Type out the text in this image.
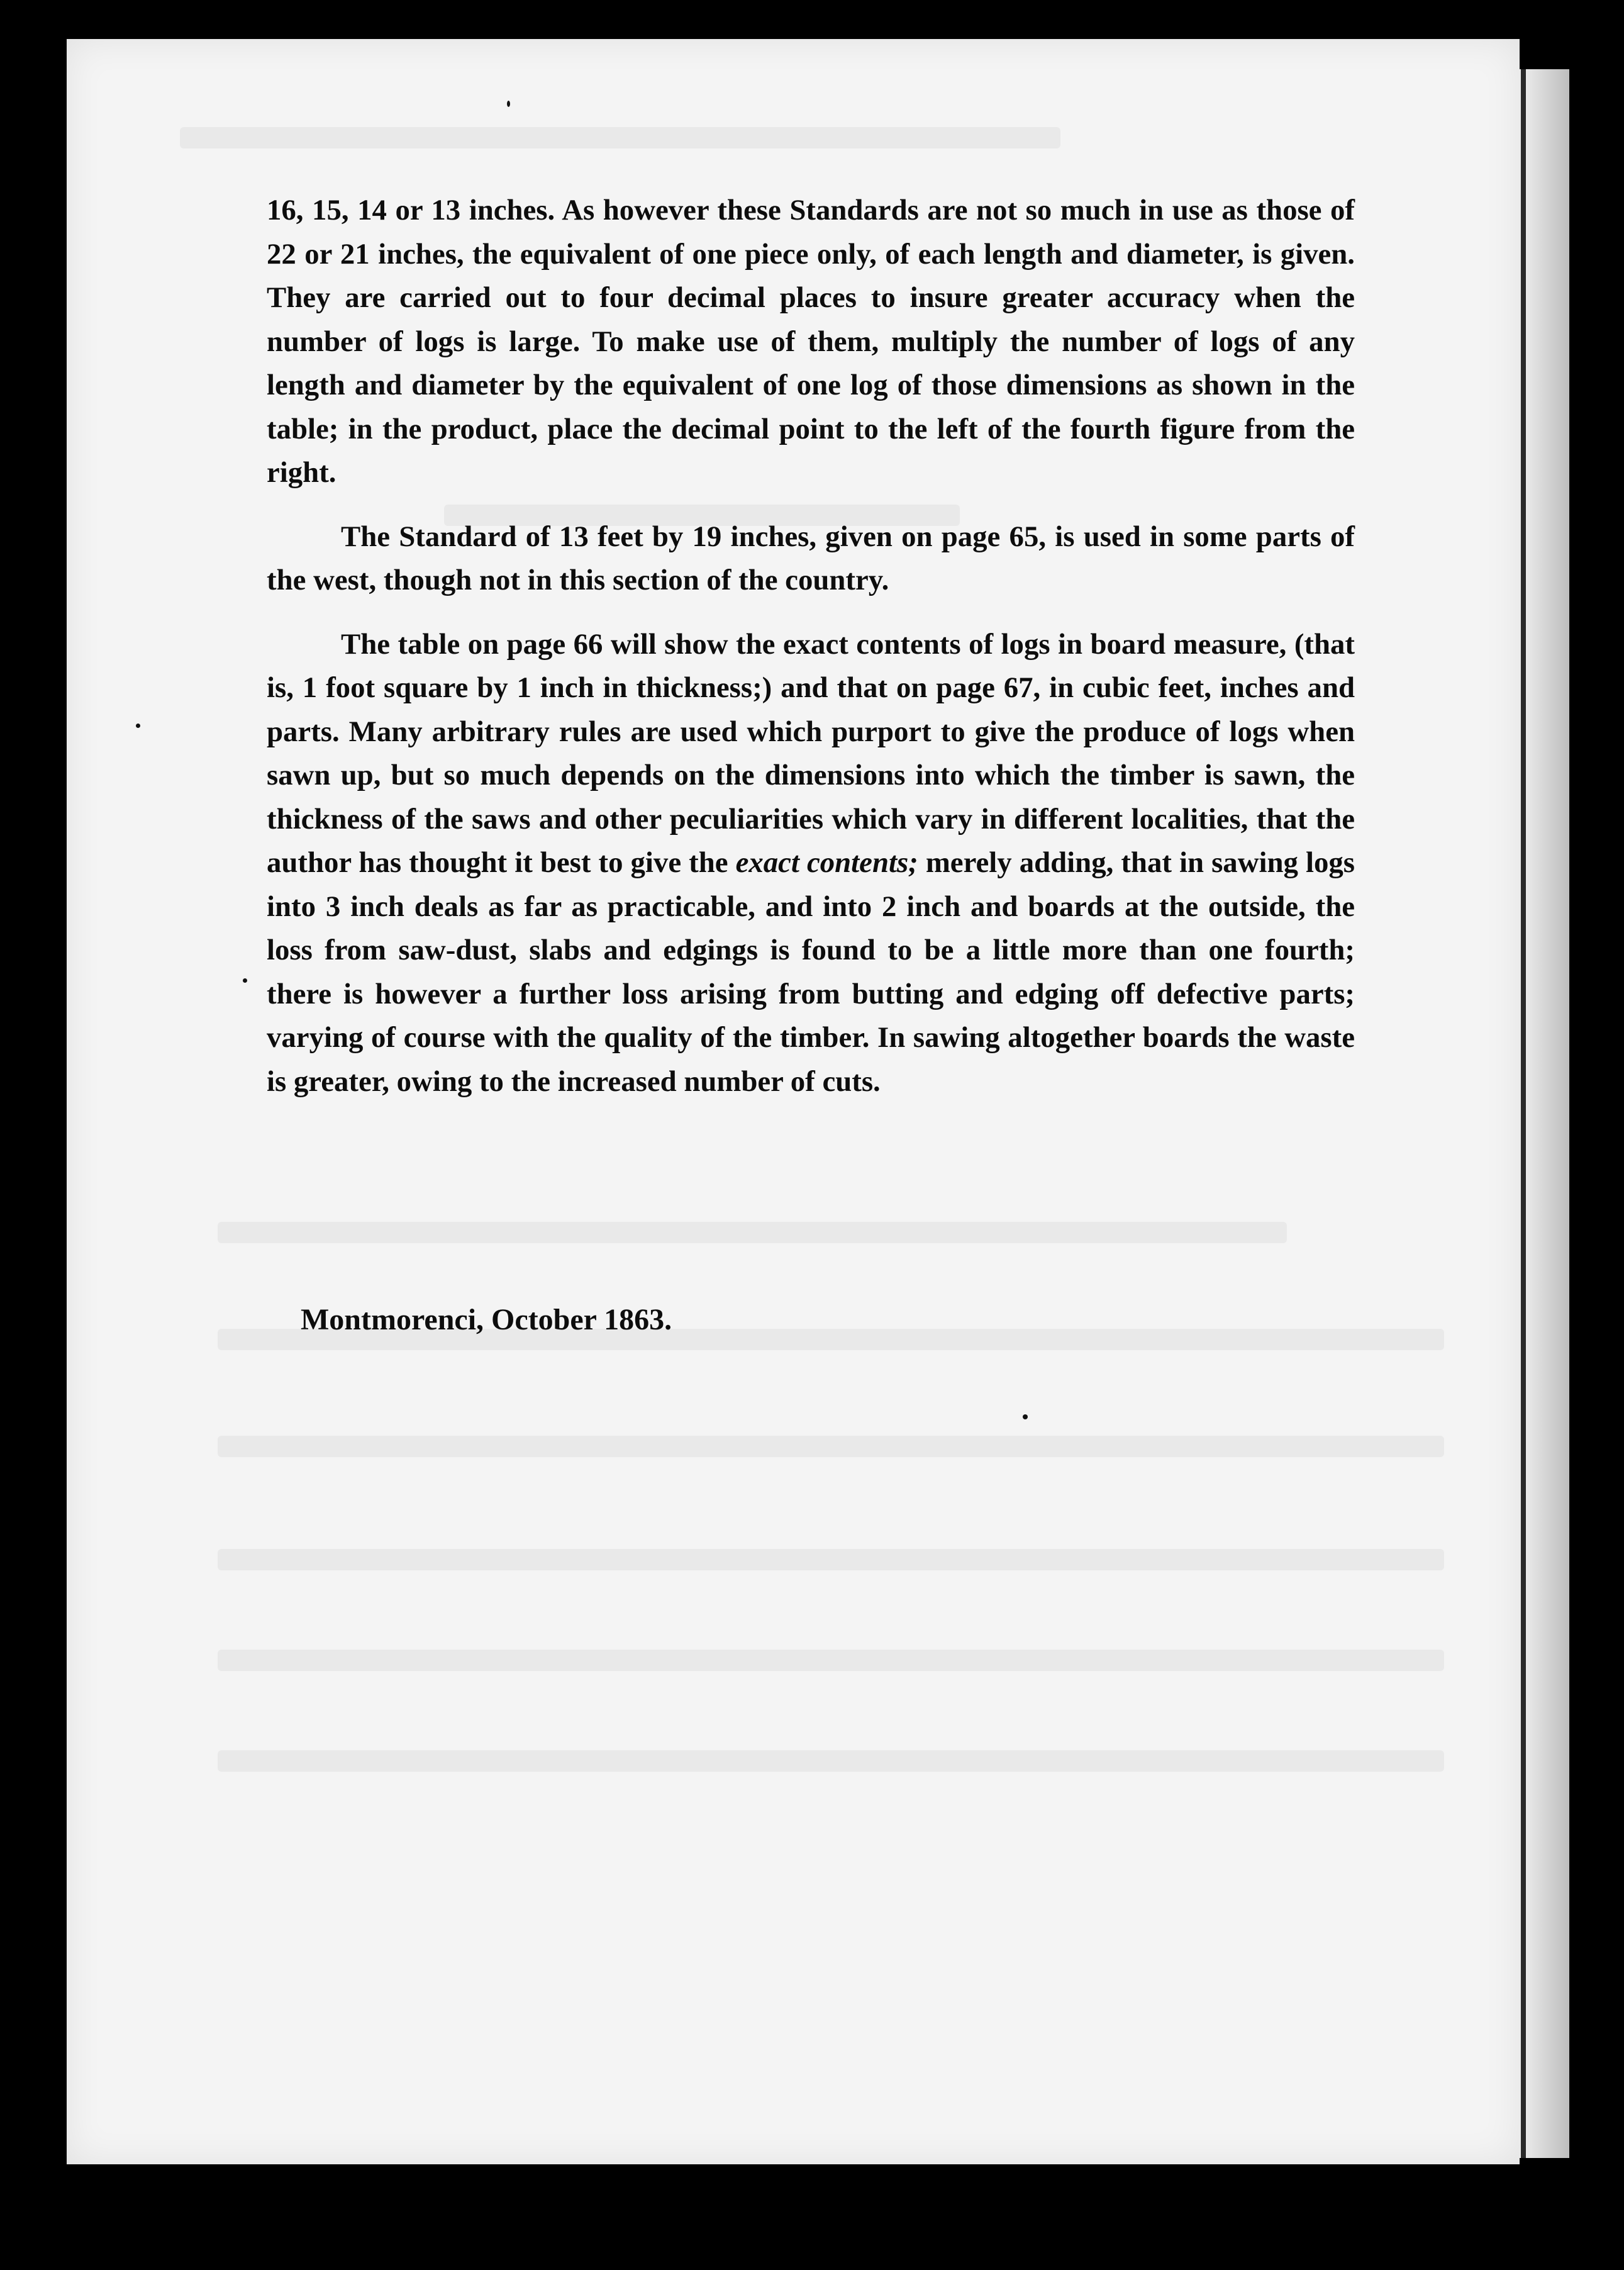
16, 15, 14 or 13 inches. As however these Standards are not so much in use as those of 22 or 21 inches, the equivalent of one piece only, of each length and diameter, is given. They are carried out to four decimal places to insure greater accuracy when the number of logs is large. To make use of them, multiply the number of logs of any length and diameter by the equivalent of one log of those dimensions as shown in the table; in the product, place the decimal point to the left of the fourth figure from the right.

The Standard of 13 feet by 19 inches, given on page 65, is used in some parts of the west, though not in this section of the country.

The table on page 66 will show the exact contents of logs in board measure, (that is, 1 foot square by 1 inch in thickness;) and that on page 67, in cubic feet, inches and parts. Many arbitrary rules are used which purport to give the produce of logs when sawn up, but so much depends on the dimensions into which the timber is sawn, the thickness of the saws and other peculiarities which vary in different localities, that the author has thought it best to give the exact contents; merely adding, that in sawing logs into 3 inch deals as far as practicable, and into 2 inch and boards at the outside, the loss from saw-dust, slabs and edgings is found to be a little more than one fourth; there is however a further loss arising from butting and edging off defective parts; varying of course with the quality of the timber. In sawing altogether boards the waste is greater, owing to the increased number of cuts.

Montmorenci, October 1863.
